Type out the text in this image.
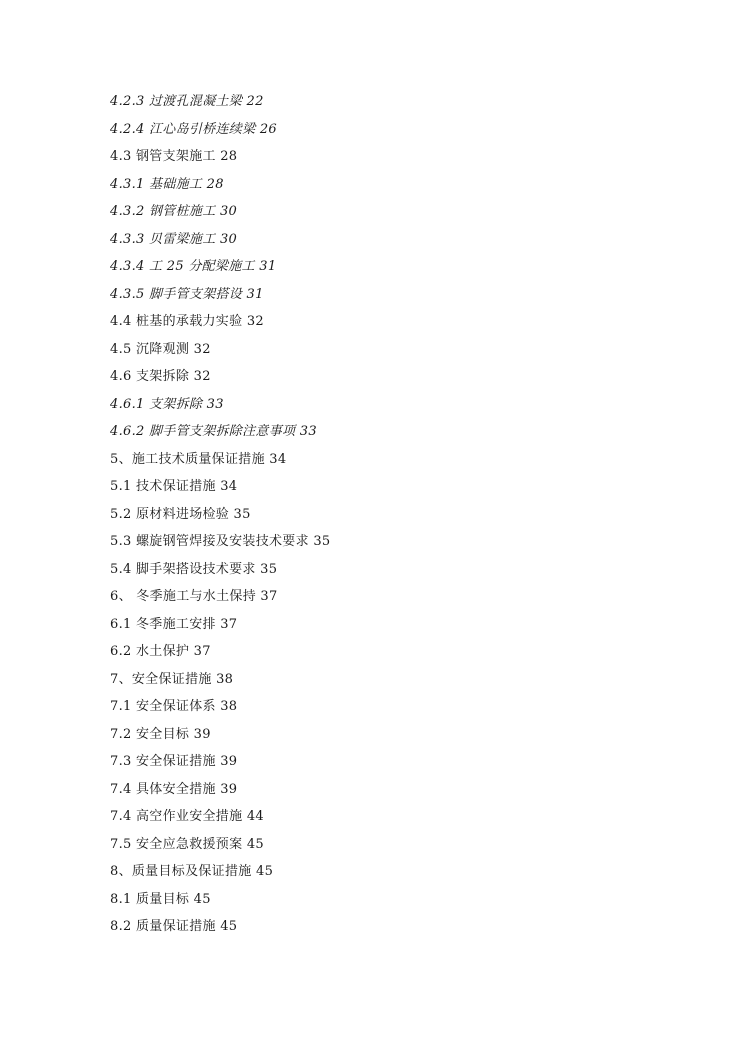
4.2.3 过渡孔混凝土梁 22
4.2.4 江心岛引桥连续梁 26
4.3 钢管支架施工 28
4.3.1 基础施工 28
4.3.2 钢管桩施工 30
4.3.3 贝雷梁施工 30
4.3.4 工 25 分配梁施工 31
4.3.5 脚手管支架搭设 31
4.4 桩基的承载力实验 32
4.5 沉降观测 32
4.6 支架拆除 32
4.6.1 支架拆除 33
4.6.2 脚手管支架拆除注意事项 33
5、施工技术质量保证措施 34
5.1 技术保证措施 34
5.2 原材料进场检验 35
5.3 螺旋钢管焊接及安装技术要求 35
5.4 脚手架搭设技术要求 35
6、 冬季施工与水土保持 37
6.1 冬季施工安排 37
6.2 水土保护 37
7、安全保证措施 38
7.1 安全保证体系 38
7.2 安全目标 39
7.3 安全保证措施 39
7.4 具体安全措施 39
7.4 高空作业安全措施 44
7.5 安全应急救援预案 45
8、质量目标及保证措施 45
8.1 质量目标 45
8.2 质量保证措施 45
